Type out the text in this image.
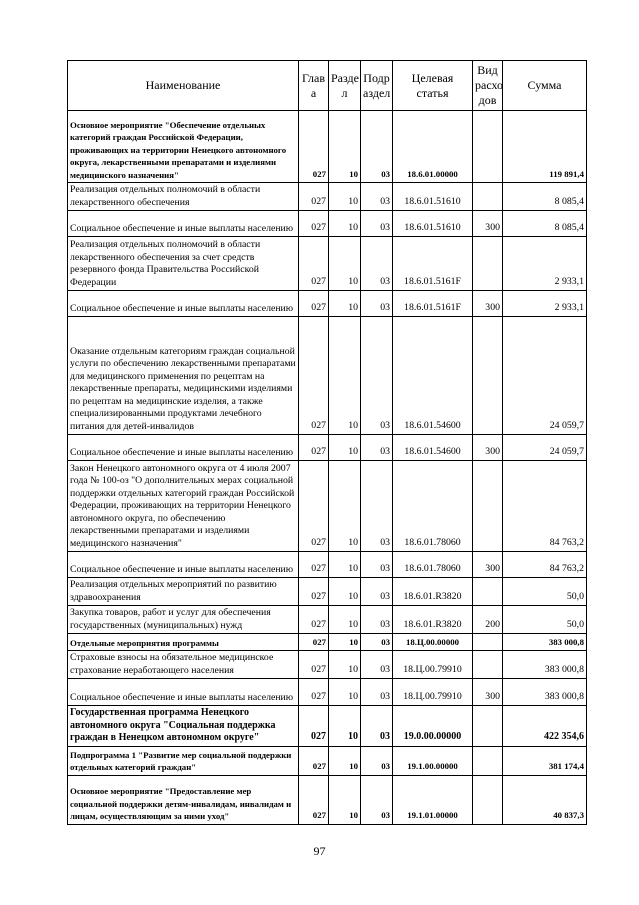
Наименование	Глав а	Разде л	Подр аздел	Целевая статья	Вид расхо дов	Сумма
Основное мероприятие "Обеспечение отдельных категорий граждан Российской Федерации, проживающих на территории Ненецкого автономного округа, лекарственными препаратами и изделиями медицинского назначения"	027	10	03	18.6.01.00000		119 891,4
Реализация отдельных полномочий в области лекарственного обеспечения	027	10	03	18.6.01.51610		8 085,4
Социальное обеспечение и иные выплаты населению	027	10	03	18.6.01.51610	300	8 085,4
Реализация отдельных полномочий в области лекарственного обеспечения за счет средств резервного фонда Правительства Российской Федерации	027	10	03	18.6.01.5161F		2 933,1
Социальное обеспечение и иные выплаты населению	027	10	03	18.6.01.5161F	300	2 933,1
Оказание отдельным категориям граждан социальной услуги по обеспечению лекарственными препаратами для медицинского применения по рецептам на лекарственные препараты, медицинскими изделиями по рецептам на медицинские изделия, а также специализированными продуктами лечебного питания для детей-инвалидов	027	10	03	18.6.01.54600		24 059,7
Социальное обеспечение и иные выплаты населению	027	10	03	18.6.01.54600	300	24 059,7
Закон Ненецкого автономного округа от 4 июля 2007 года № 100-оз "О дополнительных мерах социальной поддержки отдельных категорий граждан Российской Федерации, проживающих на территории Ненецкого автономного округа, по обеспечению лекарственными препаратами и изделиями медицинского назначения"	027	10	03	18.6.01.78060		84 763,2
Социальное обеспечение и иные выплаты населению	027	10	03	18.6.01.78060	300	84 763,2
Реализация отдельных мероприятий по развитию здравоохранения	027	10	03	18.6.01.R3820		50,0
Закупка товаров, работ и услуг для обеспечения государственных (муниципальных) нужд	027	10	03	18.6.01.R3820	200	50,0
Отдельные мероприятия программы	027	10	03	18.Ц.00.00000		383 000,8
Страховые взносы на обязательное медицинское страхование неработающего населения	027	10	03	18.Ц.00.79910		383 000,8
Социальное обеспечение и иные выплаты населению	027	10	03	18.Ц.00.79910	300	383 000,8
Государственная программа Ненецкого автономного округа "Социальная поддержка граждан в Ненецком автономном округе"	027	10	03	19.0.00.00000		422 354,6
Подпрограмма 1 "Развитие мер социальной поддержки отдельных категорий граждан"	027	10	03	19.1.00.00000		381 174,4
Основное мероприятие "Предоставление мер социальной поддержки детям-инвалидам, инвалидам и лицам, осуществляющим за ними уход"	027	10	03	19.1.01.00000		40 837,3
97
